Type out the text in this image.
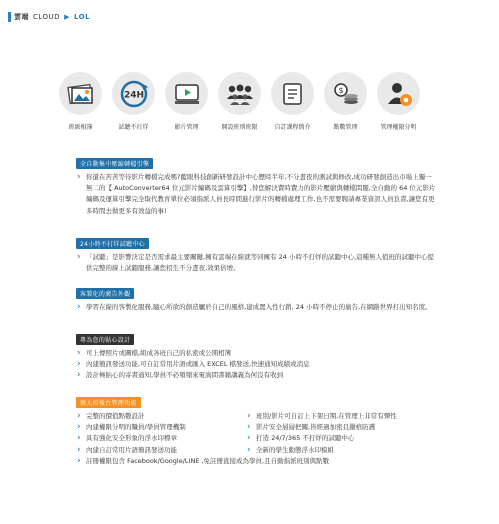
雲端 CLOUD ▶ LOL
班級相簿
24H
試聽不打烊	影片管理	開設班別班限	自訂課程簡介
$
點數管理	管理權限分明
全自動集中壓縮轉檔引擎
› 你還在苦苦等待影片轉檔完成嗎?藍眼科技創新研發設計中心歷時半年,不分晝夜的測試與修改,成功研發創造出市場上獨一無二的【 AutoConverter64 位元影片編碼及雲算引擎】,替您解決費時費力的影片壓縮與轉檔問題,全自動的 64 位元影片編碼及運算引擎完全取代教育單位必須指派人員長時間進行影片的轉檔處理工作,也不需要聘請專業資訊人員負責,讓您有更多時間去做更多有效益的事!
24小時不打烊試聽中心
› 「試聽」是影響決定是否需求最主要關鍵,擁有雲端在線就等同擁有 24 小時不打烊的試聽中心,這種無人值班的試聽中心提供完整的線上試聽服務,讓您招生不分晝夜,效果倍增。
客製化的廣告外觀
› 學習在線的客製化服務,隨心所欲的創造屬於自己的風格,建成置入性行銷, 24 小時不停止的廣告,在網路世界打出知名度。
專為您的貼心設計
› 可上傳照片或圖檔,組成各班自己的私密或公開相簿
› 內建簡訊發送功能,可自訂常用片語或匯入 EXCEL 檔發送,快速通知成績或消息
› 設計極貼心的寄書通知,學員不必頻頻來電詢問書籍講義為何沒有收到
強大的後台管理功能
› 完整的價值點數設計	› 班別/影片可自訂上下架日期,在管理上非常有彈性
› 內建權限分明的職員/學員管理機制	› 影片安全層層把關,皆經過加密且嚴格防護
› 具有強化安全形象的浮水印標章	› 打造 24/7/365 不打烊的試聽中心
› 內建自訂常用片語簡訊發送功能	› 全新的學生動態浮水印模組
› 註冊權限包含 Facebook/Google/LINE ,免註冊直接成為學員,且自動指派班別與點數
